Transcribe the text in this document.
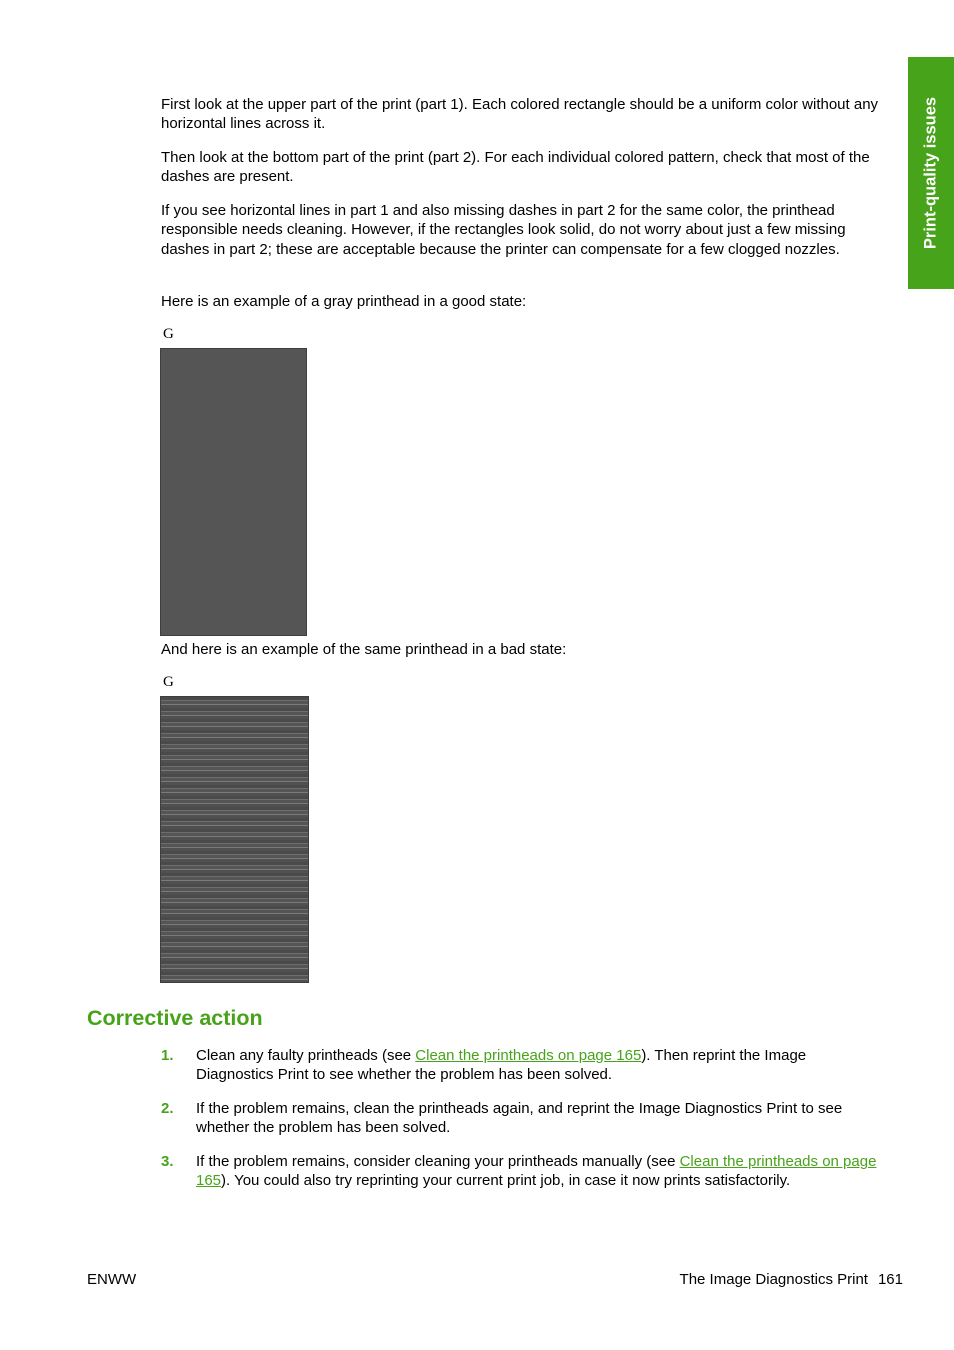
Print-quality issues

First look at the upper part of the print (part 1). Each colored rectangle should be a uniform color without any horizontal lines across it.

Then look at the bottom part of the print (part 2). For each individual colored pattern, check that most of the dashes are present.

If you see horizontal lines in part 1 and also missing dashes in part 2 for the same color, the printhead responsible needs cleaning. However, if the rectangles look solid, do not worry about just a few missing dashes in part 2; these are acceptable because the printer can compensate for a few clogged nozzles.

Here is an example of a gray printhead in a good state:

G

And here is an example of the same printhead in a bad state:

G
Corrective action
1. Clean any faulty printheads (see Clean the printheads on page 165). Then reprint the Image Diagnostics Print to see whether the problem has been solved.
2. If the problem remains, clean the printheads again, and reprint the Image Diagnostics Print to see whether the problem has been solved.
3. If the problem remains, consider cleaning your printheads manually (see Clean the printheads on page 165). You could also try reprinting your current print job, in case it now prints satisfactorily.
ENWW	The Image Diagnostics Print 161
